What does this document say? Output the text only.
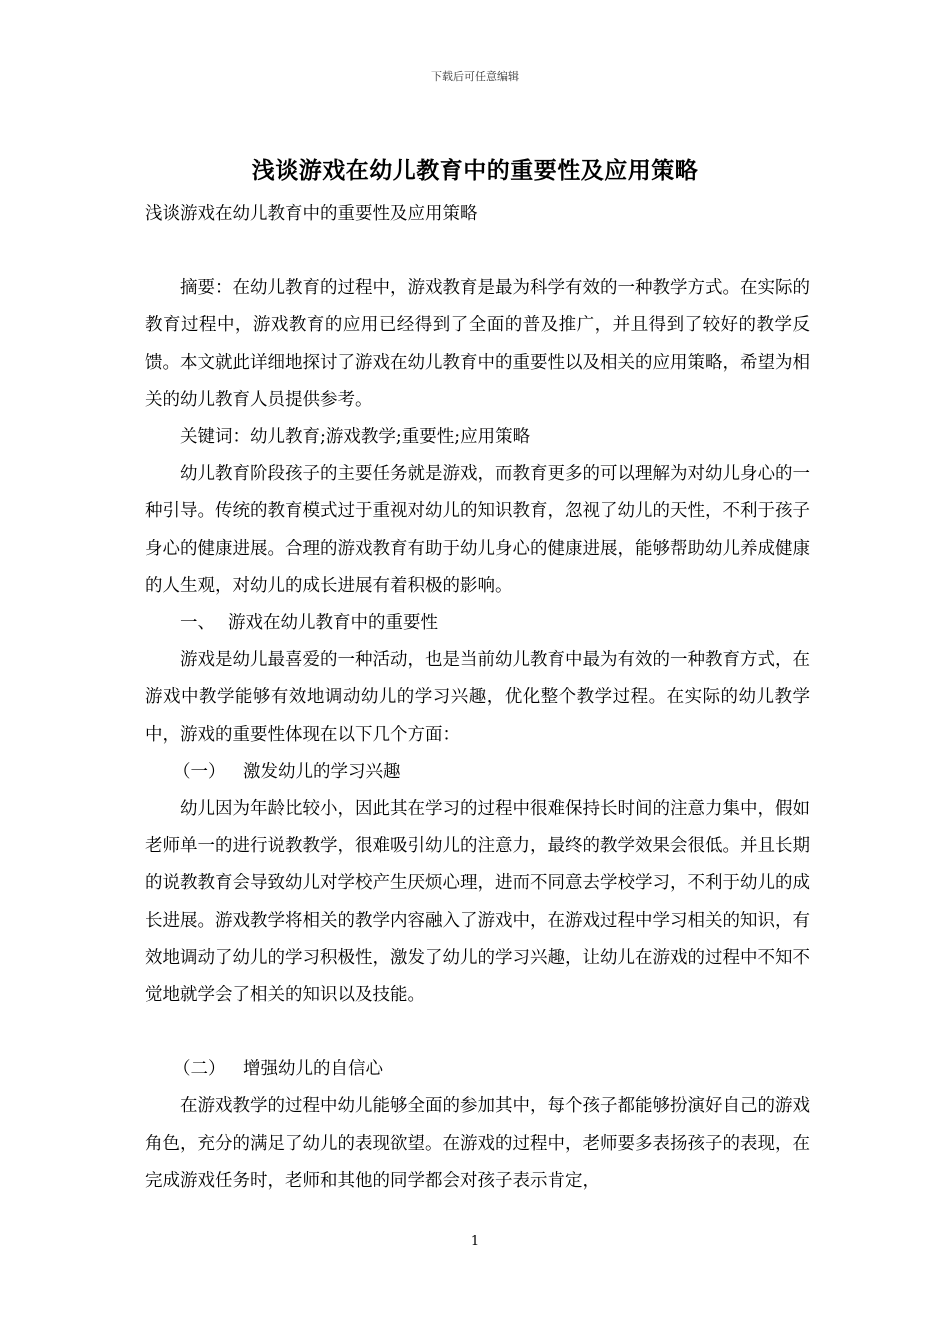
下载后可任意编辑
浅谈游戏在幼儿教育中的重要性及应用策略

浅谈游戏在幼儿教育中的重要性及应用策略

摘要：在幼儿教育的过程中，游戏教育是最为科学有效的一种教学方式。在实际的教育过程中，游戏教育的应用已经得到了全面的普及推广，并且得到了较好的教学反馈。本文就此详细地探讨了游戏在幼儿教育中的重要性以及相关的应用策略，希望为相关的幼儿教育人员提供参考。

关键词：幼儿教育;游戏教学;重要性;应用策略

幼儿教育阶段孩子的主要任务就是游戏，而教育更多的可以理解为对幼儿身心的一种引导。传统的教育模式过于重视对幼儿的知识教育，忽视了幼儿的天性，不利于孩子身心的健康进展。合理的游戏教育有助于幼儿身心的健康进展，能够帮助幼儿养成健康的人生观，对幼儿的成长进展有着积极的影响。

一、 游戏在幼儿教育中的重要性

游戏是幼儿最喜爱的一种活动，也是当前幼儿教育中最为有效的一种教育方式，在游戏中教学能够有效地调动幼儿的学习兴趣，优化整个教学过程。在实际的幼儿教学中，游戏的重要性体现在以下几个方面：

（一） 激发幼儿的学习兴趣

幼儿因为年龄比较小，因此其在学习的过程中很难保持长时间的注意力集中，假如老师单一的进行说教教学，很难吸引幼儿的注意力，最终的教学效果会很低。并且长期的说教教育会导致幼儿对学校产生厌烦心理，进而不同意去学校学习，不利于幼儿的成长进展。游戏教学将相关的教学内容融入了游戏中，在游戏过程中学习相关的知识，有效地调动了幼儿的学习积极性，激发了幼儿的学习兴趣，让幼儿在游戏的过程中不知不觉地就学会了相关的知识以及技能。

（二） 增强幼儿的自信心

在游戏教学的过程中幼儿能够全面的参加其中，每个孩子都能够扮演好自己的游戏角色，充分的满足了幼儿的表现欲望。在游戏的过程中，老师要多表扬孩子的表现，在完成游戏任务时，老师和其他的同学都会对孩子表示肯定，

1
